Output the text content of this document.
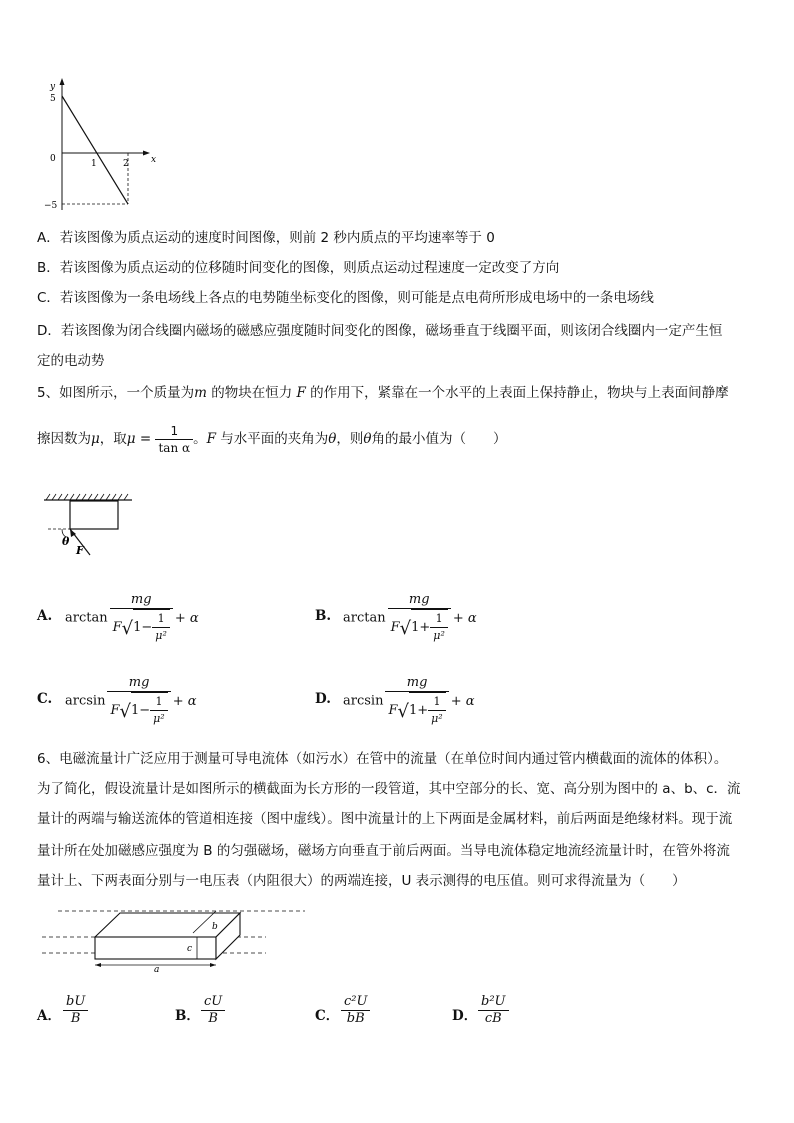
y
x
5
0	1	2
−5
A．若该图像为质点运动的速度时间图像，则前 2 秒内质点的平均速率等于 0
B．若该图像为质点运动的位移随时间变化的图像，则质点运动过程速度一定改变了方向
C．若该图像为一条电场线上各点的电势随坐标变化的图像，则可能是点电荷所形成电场中的一条电场线
D．若该图像为闭合线圈内磁场的磁感应强度随时间变化的图像，磁场垂直于线圈平面，则该闭合线圈内一定产生恒
定的电动势
5、如图所示，一个质量为m 的物块在恒力 F 的作用下，紧靠在一个水平的上表面上保持静止，物块与上表面间静摩
擦因数为μ，取$\mu = \frac{1}{\text{tan α}}$ 。F 与水平面的夹角为θ，则θ角的最小值为（　　）
θ
F
A. $\arctan \frac{mg}{F√1- \frac{1}{\text{μ²}}} + \alpha$	B. $\arctan \frac{mg}{F√1+ \frac{1}{\text{μ²}}} + \alpha$
C. $\arcsin \frac{mg}{F√1- \frac{1}{\text{μ²}}} + \alpha$	D. $\arcsin \frac{mg}{F√1+ \frac{1}{\text{μ²}}} + \alpha$
6、电磁流量计广泛应用于测量可导电流体（如污水）在管中的流量（在单位时间内通过管内横截面的流体的体积）。
为了简化，假设流量计是如图所示的横截面为长方形的一段管道，其中空部分的长、宽、高分别为图中的 a、b、c．流
量计的两端与输送流体的管道相连接（图中虚线）。图中流量计的上下两面是金属材料，前后两面是绝缘材料。现于流
量计所在处加磁感应强度为 B 的匀强磁场，磁场方向垂直于前后两面。当导电流体稳定地流经流量计时，在管外将流
量计上、下两表面分别与一电压表（内阻很大）的两端连接，U 表示测得的电压值。则可求得流量为（　　）
b
c
a
A． $\frac{bU}{B}$	B． $\frac{cU}{B}$	C． $\frac{\text{c²U}}{bB}$	D． $\frac{\text{b²U}}{cB}$
